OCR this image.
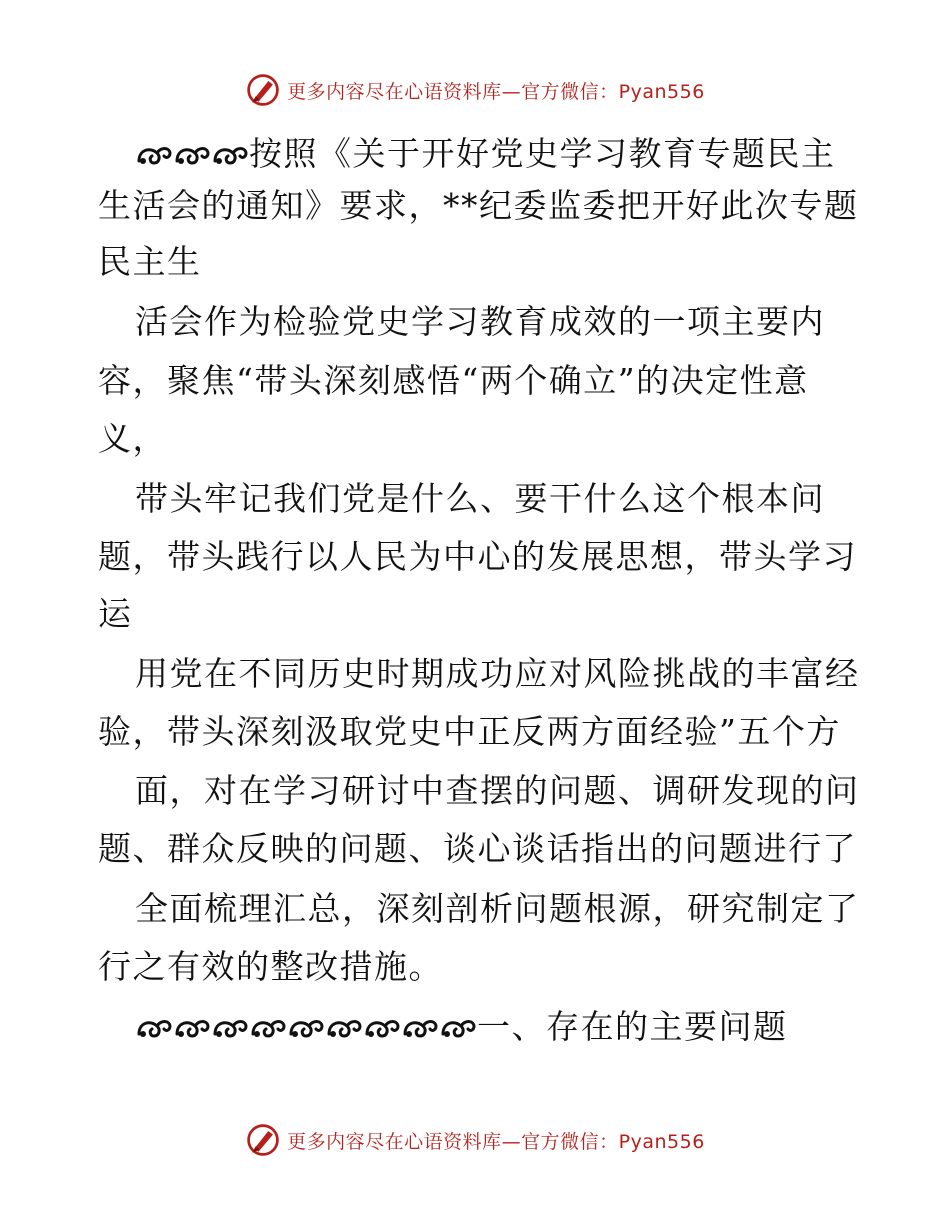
更多内容尽在心语资料库—官方微信：Pyan556
按照《关于开好党史学习教育专题民主
生活会的通知》要求，**纪委监委把开好此次专题
民主生
活会作为检验党史学习教育成效的一项主要内
容，聚焦“带头深刻感悟“两个确立”的决定性意
义，
带头牢记我们党是什么、要干什么这个根本问
题，带头践行以人民为中心的发展思想，带头学习
运
用党在不同历史时期成功应对风险挑战的丰富经
验，带头深刻汲取党史中正反两方面经验”五个方
面，对在学习研讨中查摆的问题、调研发现的问
题、群众反映的问题、谈心谈话指出的问题进行了
全面梳理汇总，深刻剖析问题根源，研究制定了
行之有效的整改措施。
一、存在的主要问题
更多内容尽在心语资料库—官方微信：Pyan556
